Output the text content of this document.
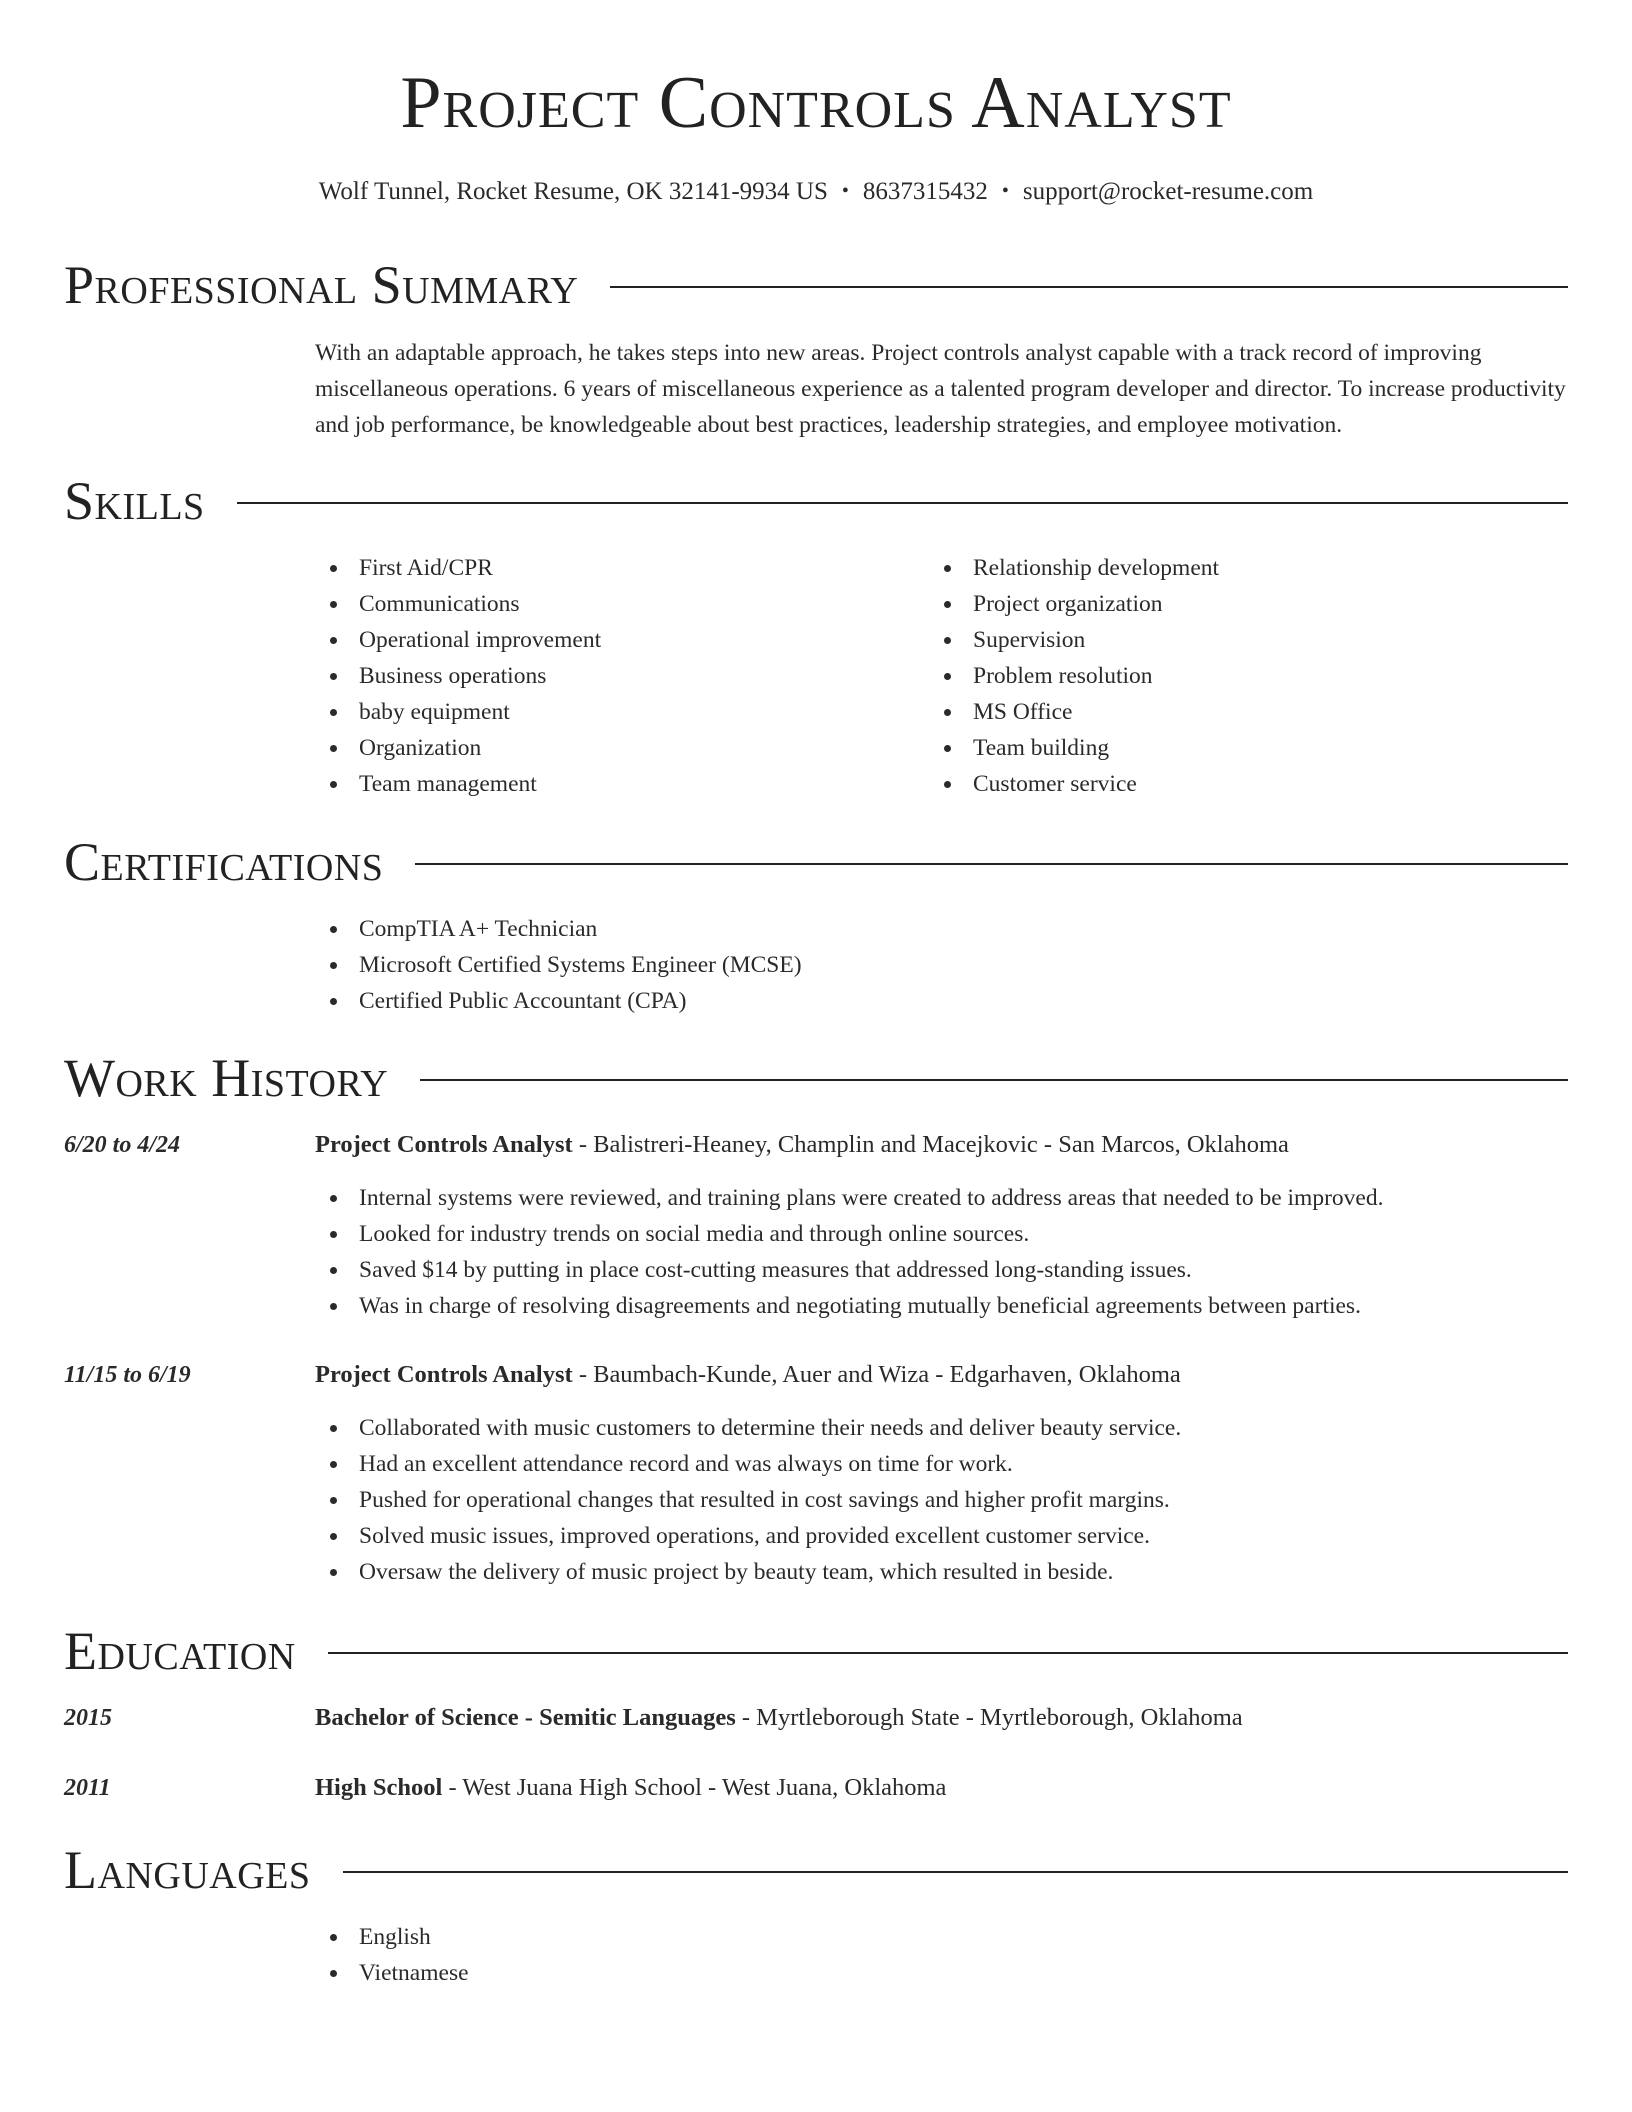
Project Controls Analyst
Wolf Tunnel, Rocket Resume, OK 32141-9934 US • 8637315432 • support@rocket-resume.com
Professional Summary
With an adaptable approach, he takes steps into new areas. Project controls analyst capable with a track record of improving miscellaneous operations. 6 years of miscellaneous experience as a talented program developer and director. To increase productivity and job performance, be knowledgeable about best practices, leadership strategies, and employee motivation.
Skills
First Aid/CPR
Communications
Operational improvement
Business operations
baby equipment
Organization
Team management
Relationship development
Project organization
Supervision
Problem resolution
MS Office
Team building
Customer service
Certifications
CompTIA A+ Technician
Microsoft Certified Systems Engineer (MCSE)
Certified Public Accountant (CPA)
Work History
6/20 to 4/24	Project Controls Analyst - Balistreri-Heaney, Champlin and Macejkovic - San Marcos, Oklahoma
Internal systems were reviewed, and training plans were created to address areas that needed to be improved.
Looked for industry trends on social media and through online sources.
Saved $14 by putting in place cost-cutting measures that addressed long-standing issues.
Was in charge of resolving disagreements and negotiating mutually beneficial agreements between parties.
11/15 to 6/19	Project Controls Analyst - Baumbach-Kunde, Auer and Wiza - Edgarhaven, Oklahoma
Collaborated with music customers to determine their needs and deliver beauty service.
Had an excellent attendance record and was always on time for work.
Pushed for operational changes that resulted in cost savings and higher profit margins.
Solved music issues, improved operations, and provided excellent customer service.
Oversaw the delivery of music project by beauty team, which resulted in beside.
Education
2015	Bachelor of Science - Semitic Languages - Myrtleborough State - Myrtleborough, Oklahoma
2011	High School - West Juana High School - West Juana, Oklahoma
Languages
English
Vietnamese
